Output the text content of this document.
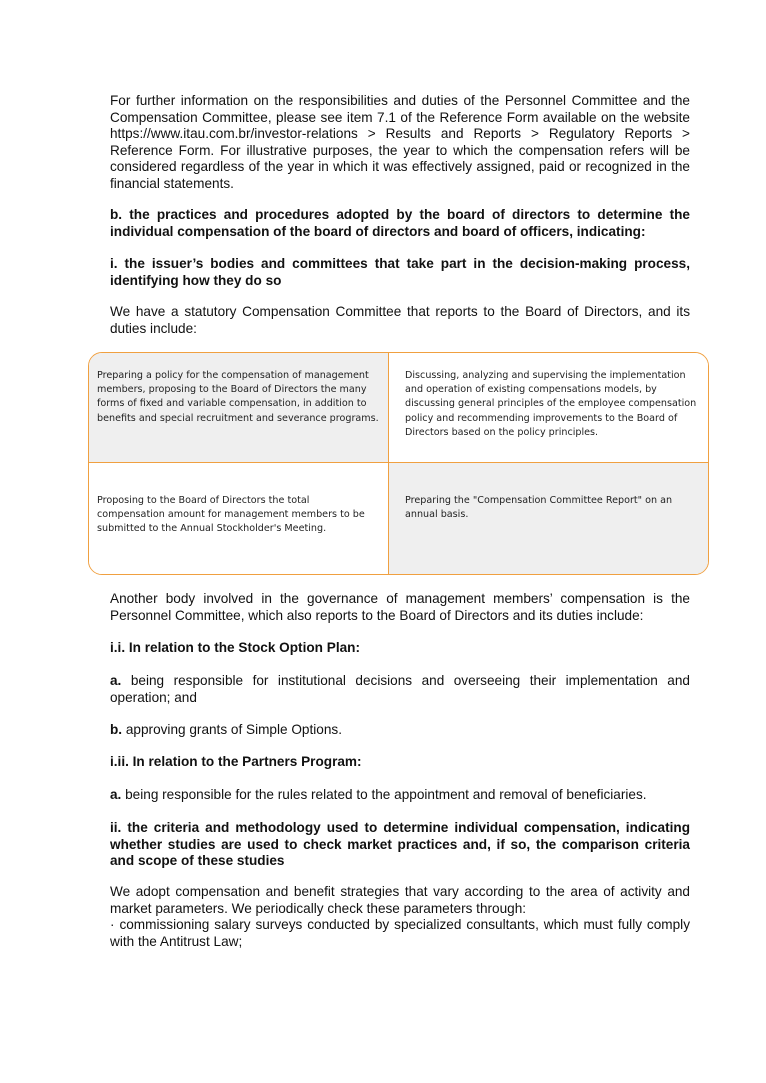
For further information on the responsibilities and duties of the Personnel Committee and the Compensation Committee, please see item 7.1 of the Reference Form available on the website https://www.itau.com.br/investor-relations > Results and Reports > Regulatory Reports > Reference Form. For illustrative purposes, the year to which the compensation refers will be considered regardless of the year in which it was effectively assigned, paid or recognized in the financial statements.

b. the practices and procedures adopted by the board of directors to determine the individual compensation of the board of directors and board of officers, indicating:

i. the issuer’s bodies and committees that take part in the decision-making process, identifying how they do so

We have a statutory Compensation Committee that reports to the Board of Directors, and its duties include:

Preparing a policy for the compensation of management members, proposing to the Board of Directors the many forms of fixed and variable compensation, in addition to benefits and special recruitment and severance programs.
Discussing, analyzing and supervising the implementation and operation of existing compensations models, by discussing general principles of the employee compensation policy and recommending improvements to the Board of Directors based on the policy principles.
Proposing to the Board of Directors the total compensation amount for management members to be submitted to the Annual Stockholder's Meeting.
Preparing the "Compensation Committee Report" on an annual basis.

Another body involved in the governance of management members’ compensation is the Personnel Committee, which also reports to the Board of Directors and its duties include:

i.i. In relation to the Stock Option Plan:

a. being responsible for institutional decisions and overseeing their implementation and operation; and

b. approving grants of Simple Options.

i.ii. In relation to the Partners Program:

a. being responsible for the rules related to the appointment and removal of beneficiaries.

ii. the criteria and methodology used to determine individual compensation, indicating whether studies are used to check market practices and, if so, the comparison criteria and scope of these studies

We adopt compensation and benefit strategies that vary according to the area of activity and market parameters. We periodically check these parameters through:

· commissioning salary surveys conducted by specialized consultants, which must fully comply with the Antitrust Law;
